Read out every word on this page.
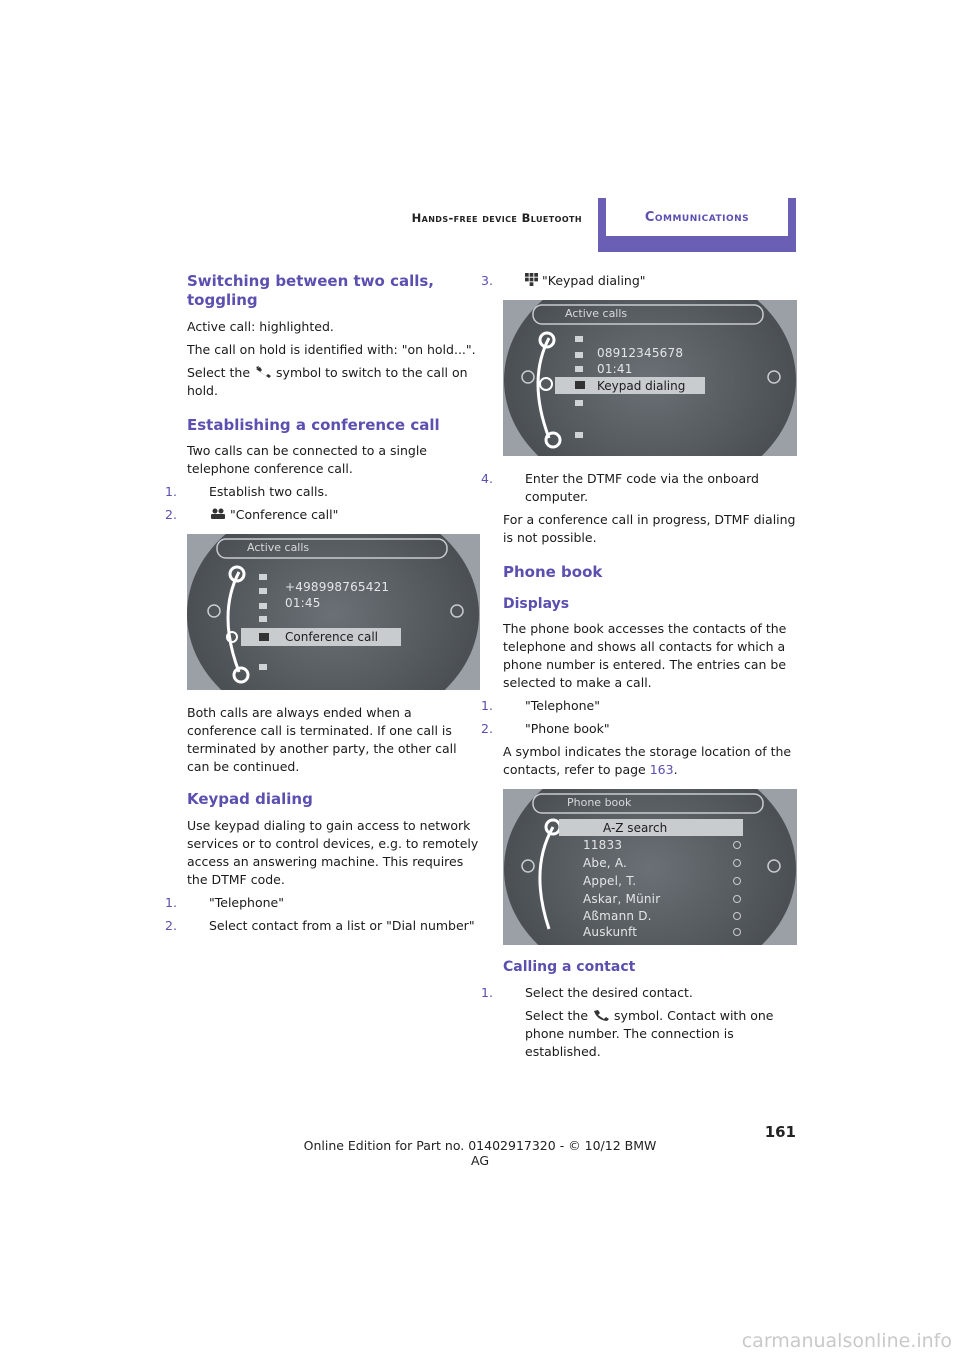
Hands-free device Bluetooth	Communications
Switching between two calls, toggling

Active call: highlighted.

The call on hold is identified with: "on hold...".

Select the symbol to switch to the call on hold.

Establishing a conference call

Two calls can be connected to a single telephone conference call.

1.	Establish two calls.
2.	"Conference call"
Active calls
+498998765421
01:45
Conference call

Both calls are always ended when a conference call is terminated. If one call is terminated by another party, the other call can be continued.

Keypad dialing

Use keypad dialing to gain access to network services or to control devices, e.g. to remotely access an answering machine. This requires the DTMF code.

1.	"Telephone"
2.	Select contact from a list or "Dial number"
3.	"Keypad dialing"
Active calls
08912345678
01:41
Keypad dialing
4.	Enter the DTMF code via the onboard computer.

For a conference call in progress, DTMF dialing is not possible.

Phone book
Displays

The phone book accesses the contacts of the telephone and shows all contacts for which a phone number is entered. The entries can be selected to make a call.

1.	"Telephone"
2.	"Phone book"

A symbol indicates the storage location of the contacts, refer to page 163.

Phone book
A-Z search
11833
Abe, A.
Appel, T.
Askar, Münir
Aßmann D.
Auskunft
Calling a contact
1.	Select the desired contact.

Select the symbol. Contact with one phone number. The connection is established.

161
Online Edition for Part no. 01402917320 - © 10/12 BMW AG
carmanualsonline.info
